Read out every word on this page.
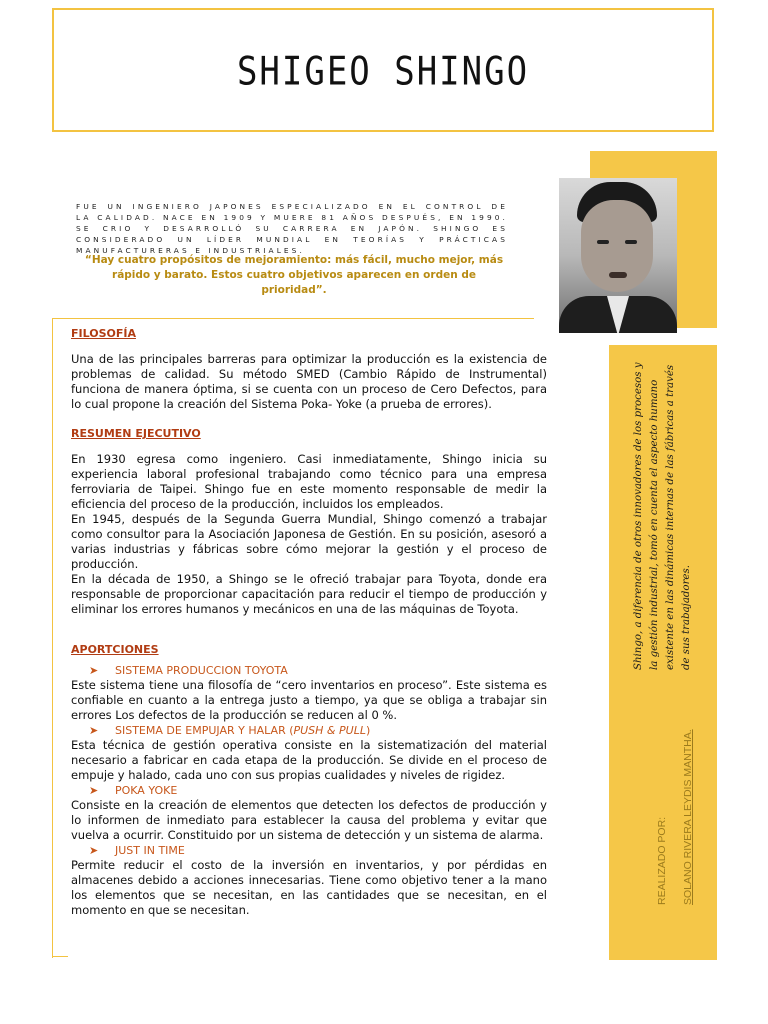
SHIGEO SHINGO

FUE UN INGENIERO JAPONES ESPECIALIZADO EN EL CONTROL DE LA CALIDAD. NACE EN 1909 Y MUERE 81 AÑOS DESPUÉS, EN 1990. SE CRIO Y DESARROLLÓ SU CARRERA EN JAPÓN. SHINGO ES CONSIDERADO UN LÍDER MUNDIAL EN TEORÍAS Y PRÁCTICAS MANUFACTURERAS E INDUSTRIALES.

“Hay cuatro propósitos de mejoramiento: más fácil, mucho mejor, más rápido y barato. Estos cuatro objetivos aparecen en orden de prioridad”.

FILOSOFÍA

Una de las principales barreras para optimizar la producción es la existencia de problemas de calidad. Su método SMED (Cambio Rápido de Instrumental) funciona de manera óptima, si se cuenta con un proceso de Cero Defectos, para lo cual propone la creación del Sistema Poka- Yoke (a prueba de errores).

RESUMEN EJECUTIVO

En 1930 egresa como ingeniero. Casi inmediatamente, Shingo inicia su experiencia laboral profesional trabajando como técnico para una empresa ferroviaria de Taipei. Shingo fue en este momento responsable de medir la eficiencia del proceso de la producción, incluidos los empleados.

En 1945, después de la Segunda Guerra Mundial, Shingo comenzó a trabajar como consultor para la Asociación Japonesa de Gestión. En su posición, asesoró a varias industrias y fábricas sobre cómo mejorar la gestión y el proceso de producción.

En la década de 1950, a Shingo se le ofreció trabajar para Toyota, donde era responsable de proporcionar capacitación para reducir el tiempo de producción y eliminar los errores humanos y mecánicos en una de las máquinas de Toyota.

APORTCIONES

➤ SISTEMA PRODUCCION TOYOTA

Este sistema tiene una filosofía de “cero inventarios en proceso”. Este sistema es confiable en cuanto a la entrega justo a tiempo, ya que se obliga a trabajar sin errores Los defectos de la producción se reducen al 0 %.

➤ SISTEMA DE EMPUJAR Y HALAR (PUSH & PULL)

Esta técnica de gestión operativa consiste en la sistematización del material necesario a fabricar en cada etapa de la producción. Se divide en el proceso de empuje y halado, cada uno con sus propias cualidades y niveles de rigidez.

➤ POKA YOKE

Consiste en la creación de elementos que detecten los defectos de producción y lo informen de inmediato para establecer la causa del problema y evitar que vuelva a ocurrir. Constituido por un sistema de detección y un sistema de alarma.

➤ JUST IN TIME

Permite reducir el costo de la inversión en inventarios, y por pérdidas en almacenes debido a acciones innecesarias. Tiene como objetivo tener a la mano los elementos que se necesitan, en las cantidades que se necesitan, en el momento en que se necesitan.

Shingo, a diferencia de otros innovadores de los procesos y la gestión industrial, tomó en cuenta el aspecto humano existente en las dinámicas internas de las fábricas a través de sus trabajadores.

REALIZADO POR:	SOLANO RIVERA LEYDIS MANTHA.
